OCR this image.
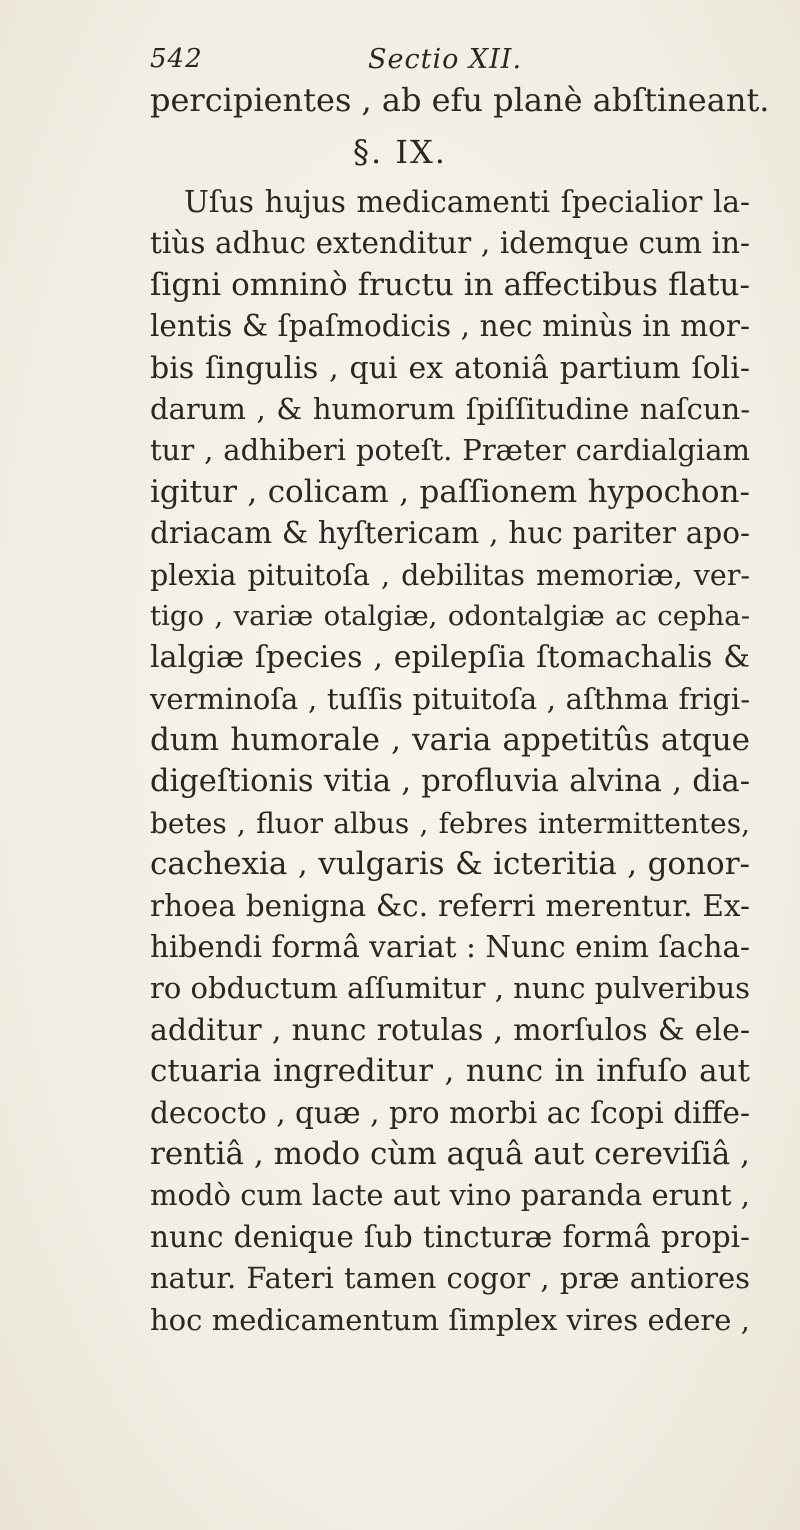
542	Sectio XII.
percipientes , ab efu planè abſtineant.
§. IX.
Uſus hujus medicamenti ſpecialior la-
tiùs adhuc extenditur , idemque cum in-
ſigni omninò fructu in affectibus flatu-
lentis & ſpaſmodicis , nec minùs in mor-
bis ſingulis , qui ex atoniâ partium ſoli-
darum , & humorum ſpiſſitudine naſcun-
tur , adhiberi poteſt. Præter cardialgiam
igitur , colicam , paſſionem hypochon-
driacam & hyſtericam , huc pariter apo-
plexia pituitoſa , debilitas memoriæ, ver-
tigo , variæ otalgiæ, odontalgiæ ac cepha-
lalgiæ ſpecies , epilepſia ſtomachalis &
verminoſa , tuſſis pituitoſa , aſthma frigi-
dum humorale , varia appetitûs atque
digeſtionis vitia , profluvia alvina , dia-
betes , fluor albus , febres intermittentes,
cachexia , vulgaris & icteritia , gonor-
rhoea benigna &c. referri merentur. Ex-
hibendi formâ variat : Nunc enim ſacha-
ro obductum aſſumitur , nunc pulveribus
additur , nunc rotulas , morſulos & ele-
ctuaria ingreditur , nunc in infuſo aut
decocto , quæ , pro morbi ac ſcopi diffe-
rentiâ , modo cùm aquâ aut cereviſiâ ,
modò cum lacte aut vino paranda erunt ,
nunc denique ſub tincturæ formâ propi-
natur. Fateri tamen cogor , præ antiores
hoc medicamentum ſimplex vires edere ,
